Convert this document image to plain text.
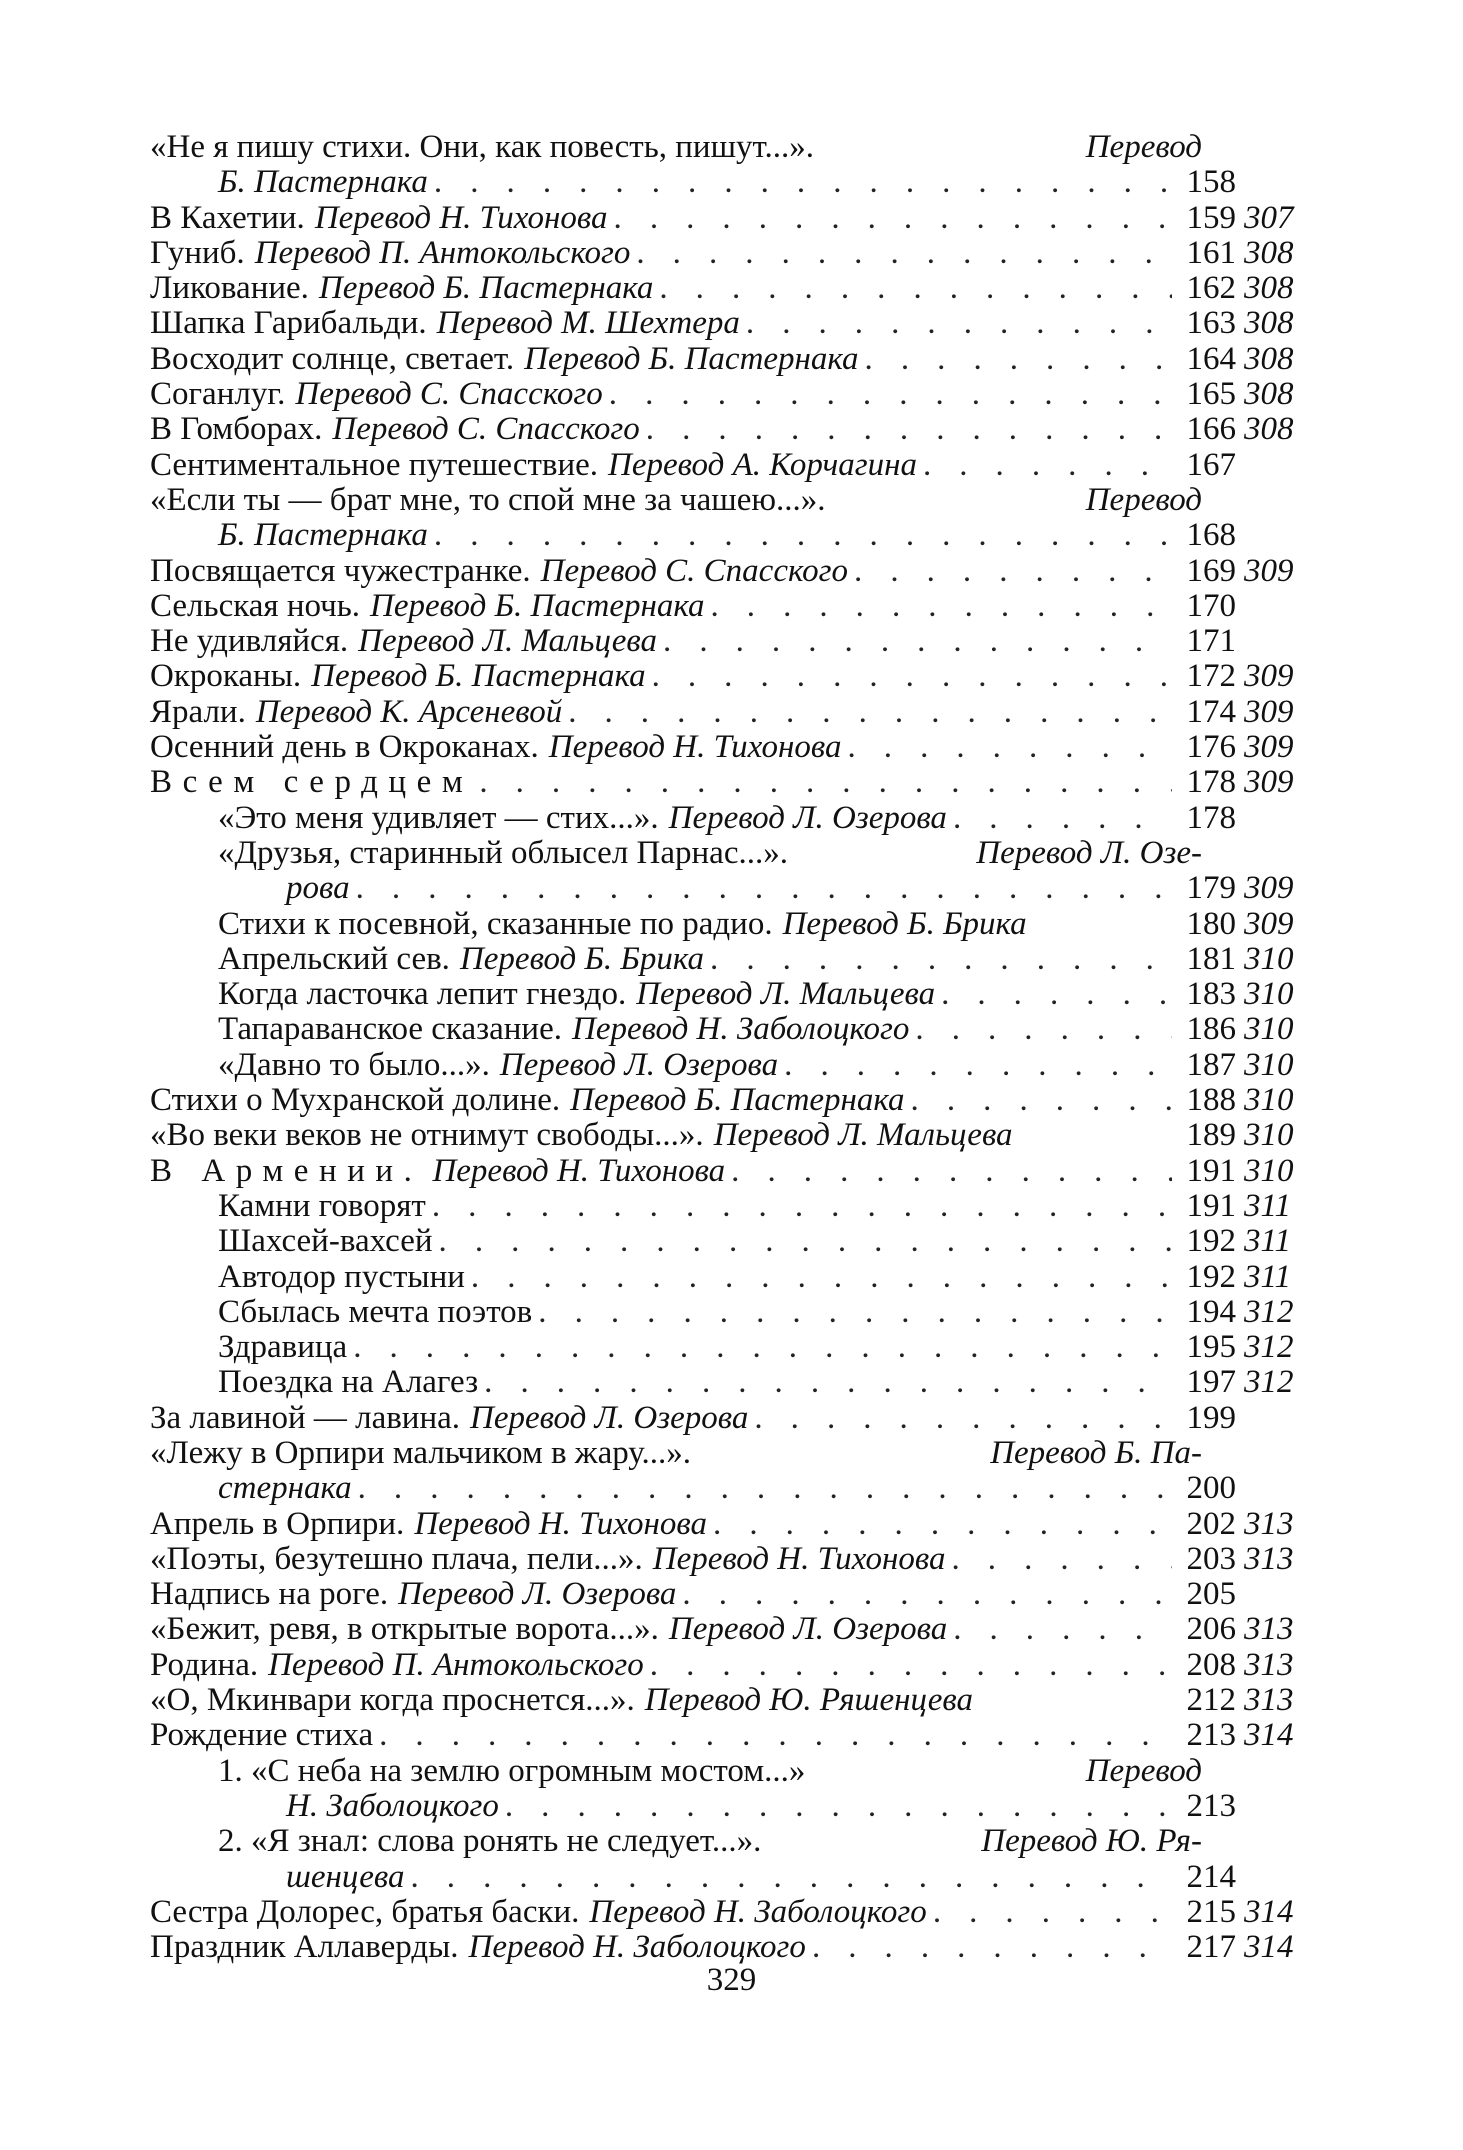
«Не я пишу стихи. Они, как повесть, пишут...».	Перевод
Б. Пастернака . . .	158
В Кахетии. Перевод Н. Тихонова . . .	159 307
Гуниб. Перевод П. Антокольского . . .	161 308
Ликование. Перевод Б. Пастернака . . .	162 308
Шапка Гарибальди. Перевод М. Шехтера . . .	163 308
Восходит солнце, светает. Перевод Б. Пастернака . . .	164 308
Соганлуг. Перевод С. Спасского . . .	165 308
В Гомборах. Перевод С. Спасского . . .	166 308
Сентиментальное путешествие. Перевод А. Корчагина . . .	167
«Если ты — брат мне, то спой мне за чашею...».	Перевод
Б. Пастернака . . .	168
Посвящается чужестранке. Перевод С. Спасского . . .	169 309
Сельская ночь. Перевод Б. Пастернака . . .	170
Не удивляйся. Перевод Л. Мальцева . . .	171
Окроканы. Перевод Б. Пастернака . . .	172 309
Ярали. Перевод К. Арсеневой . . .	174 309
Осенний день в Окроканах. Перевод Н. Тихонова . . .	176 309
Всем сердцем . . .	178 309
«Это меня удивляет — стих...». Перевод Л. Озерова . . .	178
«Друзья, старинный облысел Парнас...».	Перевод Л. Озе-
рова . . .	179 309
Стихи к посевной, сказанные по радио. Перевод Б. Брика	180 309
Апрельский сев. Перевод Б. Брика . . .	181 310
Когда ласточка лепит гнездо. Перевод Л. Мальцева . . .	183 310
Тапараванское сказание. Перевод Н. Заболоцкого . . .	186 310
«Давно то было...». Перевод Л. Озерова . . .	187 310
Стихи о Мухранской долине. Перевод Б. Пастернака . . .	188 310
«Во веки веков не отнимут свободы...». Перевод Л. Мальцева	189 310
В Армении. Перевод Н. Тихонова . . .	191 310
Камни говорят . . .	191 311
Шахсей-вахсей . . .	192 311
Автодор пустыни . . .	192 311
Сбылась мечта поэтов . . .	194 312
Здравица . . .	195 312
Поездка на Алагез . . .	197 312
За лавиной — лавина. Перевод Л. Озерова . . .	199
«Лежу в Орпири мальчиком в жару...».	Перевод Б. Па-
стернака . . .	200
Апрель в Орпири. Перевод Н. Тихонова . . .	202 313
«Поэты, безутешно плача, пели...». Перевод Н. Тихонова . . .	203 313
Надпись на роге. Перевод Л. Озерова . . .	205
«Бежит, ревя, в открытые ворота...». Перевод Л. Озерова . . .	206 313
Родина. Перевод П. Антокольского . . .	208 313
«О, Мкинвари когда проснется...». Перевод Ю. Ряшенцева	212 313
Рождение стиха . . .	213 314
1. «С неба на землю огромным мостом...»	Перевод
Н. Заболоцкого . . .	213
2. «Я знал: слова ронять не следует...».	Перевод Ю. Ря-
шенцева . . .	214
Сестра Долорес, братья баски. Перевод Н. Заболоцкого . . .	215 314
Праздник Аллаверды. Перевод Н. Заболоцкого . . .	217 314
329
